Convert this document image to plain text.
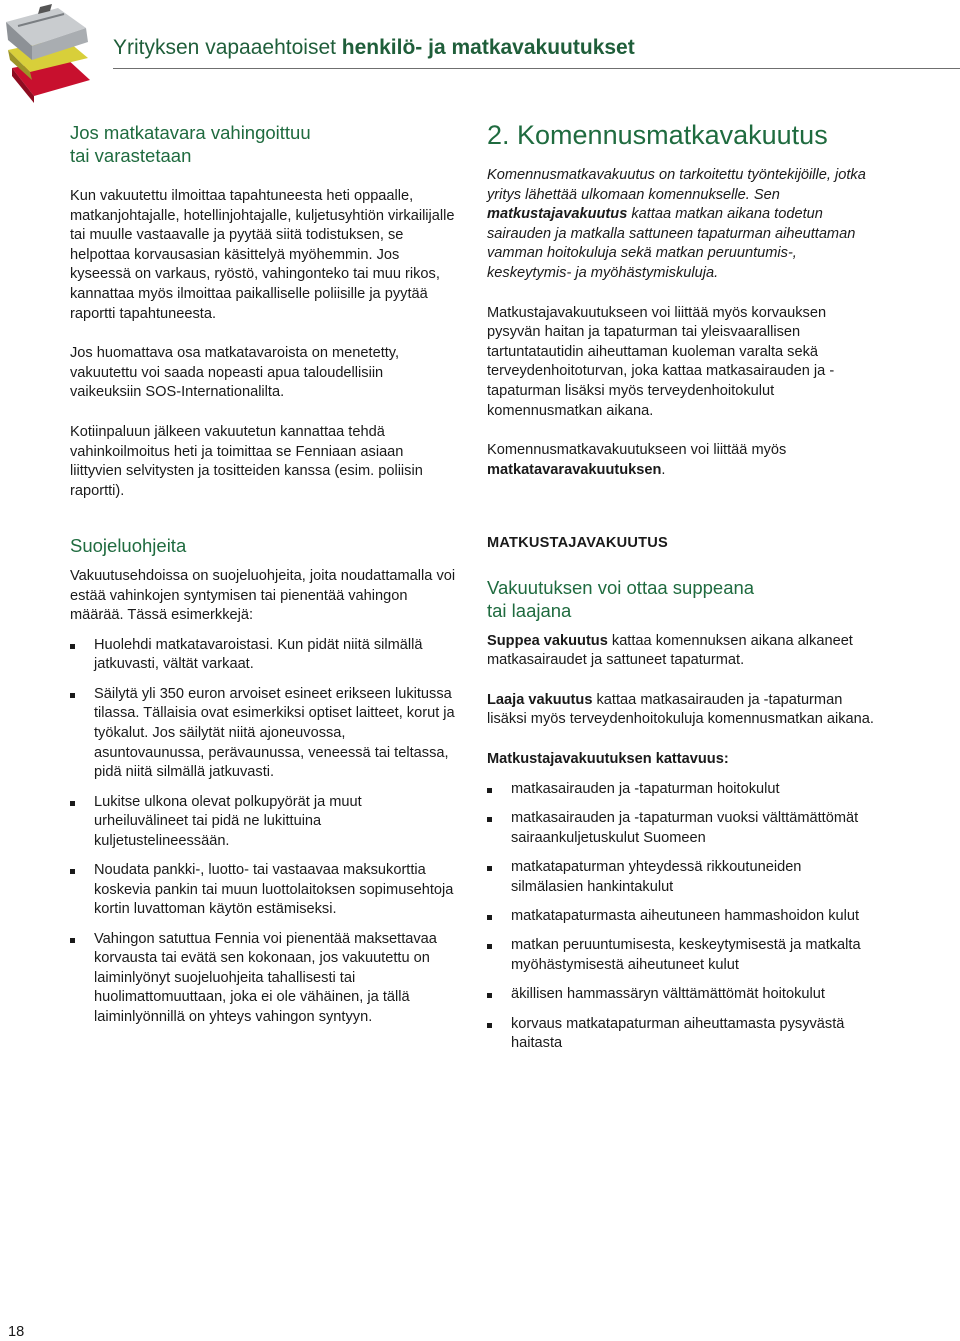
Yrityksen vapaaehtoiset henkilö- ja matkavakuutukset
Jos matkatavara vahingoittuu
tai varastetaan

Kun vakuutettu ilmoittaa tapahtuneesta heti oppaalle, matkanjohtajalle, hotellinjohtajalle, kuljetusyhtiön virkailijalle tai muulle vastaavalle ja pyytää siitä todistuksen, se helpottaa korvausasian käsittelyä myöhemmin. Jos kyseessä on varkaus, ryöstö, vahingonteko tai muu rikos, kannattaa myös ilmoittaa paikalliselle poliisille ja pyytää raportti tapahtuneesta.

Jos huomattava osa matkatavaroista on menetetty, vakuutettu voi saada nopeasti apua taloudellisiin vaikeuksiin SOS-Internationalilta.

Kotiinpaluun jälkeen vakuutetun kannattaa tehdä vahinkoilmoitus heti ja toimittaa se Fenniaan asiaan liittyvien selvitysten ja tositteiden kanssa (esim. poliisin raportti).

2. Komennusmatkavakuutus

Komennusmatkavakuutus on tarkoitettu työntekijöille, jotka yritys lähettää ulkomaan komennukselle. Sen matkustajavakuutus kattaa matkan aikana todetun sairauden ja matkalla sattuneen tapaturman aiheuttaman vamman hoitokuluja sekä matkan peruuntumis-, keskeytymis- ja myöhästymiskuluja.

Matkustajavakuutukseen voi liittää myös korvauksen pysyvän haitan ja tapaturman tai yleisvaarallisen tartuntatautidin aiheuttaman kuoleman varalta sekä terveydenhoitoturvan, joka kattaa matkasairauden ja -tapaturman lisäksi myös terveydenhoitokulut komennusmatkan aikana.

Komennusmatkavakuutukseen voi liittää myös matkatavaravakuutuksen.

Suojeluohjeita

Vakuutusehdoissa on suojeluohjeita, joita noudattamalla voi estää vahinkojen syntymisen tai pienentää vahingon määrää. Tässä esimerkkejä:

Huolehdi matkatavaroistasi. Kun pidät niitä silmällä jatkuvasti, vältät varkaat.
Säilytä yli 350 euron arvoiset esineet erikseen lukitussa tilassa. Tällaisia ovat esimerkiksi optiset laitteet, korut ja työkalut. Jos säilytät niitä ajoneuvossa, asuntovaunussa, perävaunussa, veneessä tai teltassa, pidä niitä silmällä jatkuvasti.
Lukitse ulkona olevat polkupyörät ja muut urheiluvälineet tai pidä ne lukittuina kuljetustelineessään.
Noudata pankki-, luotto- tai vastaavaa maksukorttia koskevia pankin tai muun luottolaitoksen sopimusehtoja kortin luvattoman käytön estämiseksi.
Vahingon satuttua Fennia voi pienentää maksettavaa korvausta tai evätä sen kokonaan, jos vakuutettu on laiminlyönyt suojeluohjeita tahallisesti tai huolimattomuuttaan, joka ei ole vähäinen, ja tällä laiminlyönnillä on yhteys vahingon syntyyn.
MATKUSTAJAVAKUUTUS
Vakuutuksen voi ottaa suppeana
tai laajana

Suppea vakuutus kattaa komennuksen aikana alkaneet matkasairaudet ja sattuneet tapaturmat.

Laaja vakuutus kattaa matkasairauden ja -tapaturman lisäksi myös terveydenhoitokuluja komennusmatkan aikana.

Matkustajavakuutuksen kattavuus:

matkasairauden ja -tapaturman hoitokulut
matkasairauden ja -tapaturman vuoksi välttämättömät sairaankuljetuskulut Suomeen
matkatapaturman yhteydessä rikkoutuneiden silmälasien hankintakulut
matkatapaturmasta aiheutuneen hammashoidon kulut
matkan peruuntumisesta, keskeytymisestä ja matkalta myöhästymisestä aiheutuneet kulut
äkillisen hammassäryn välttämättömät hoitokulut
korvaus matkatapaturman aiheuttamasta pysyvästä haitasta
18
